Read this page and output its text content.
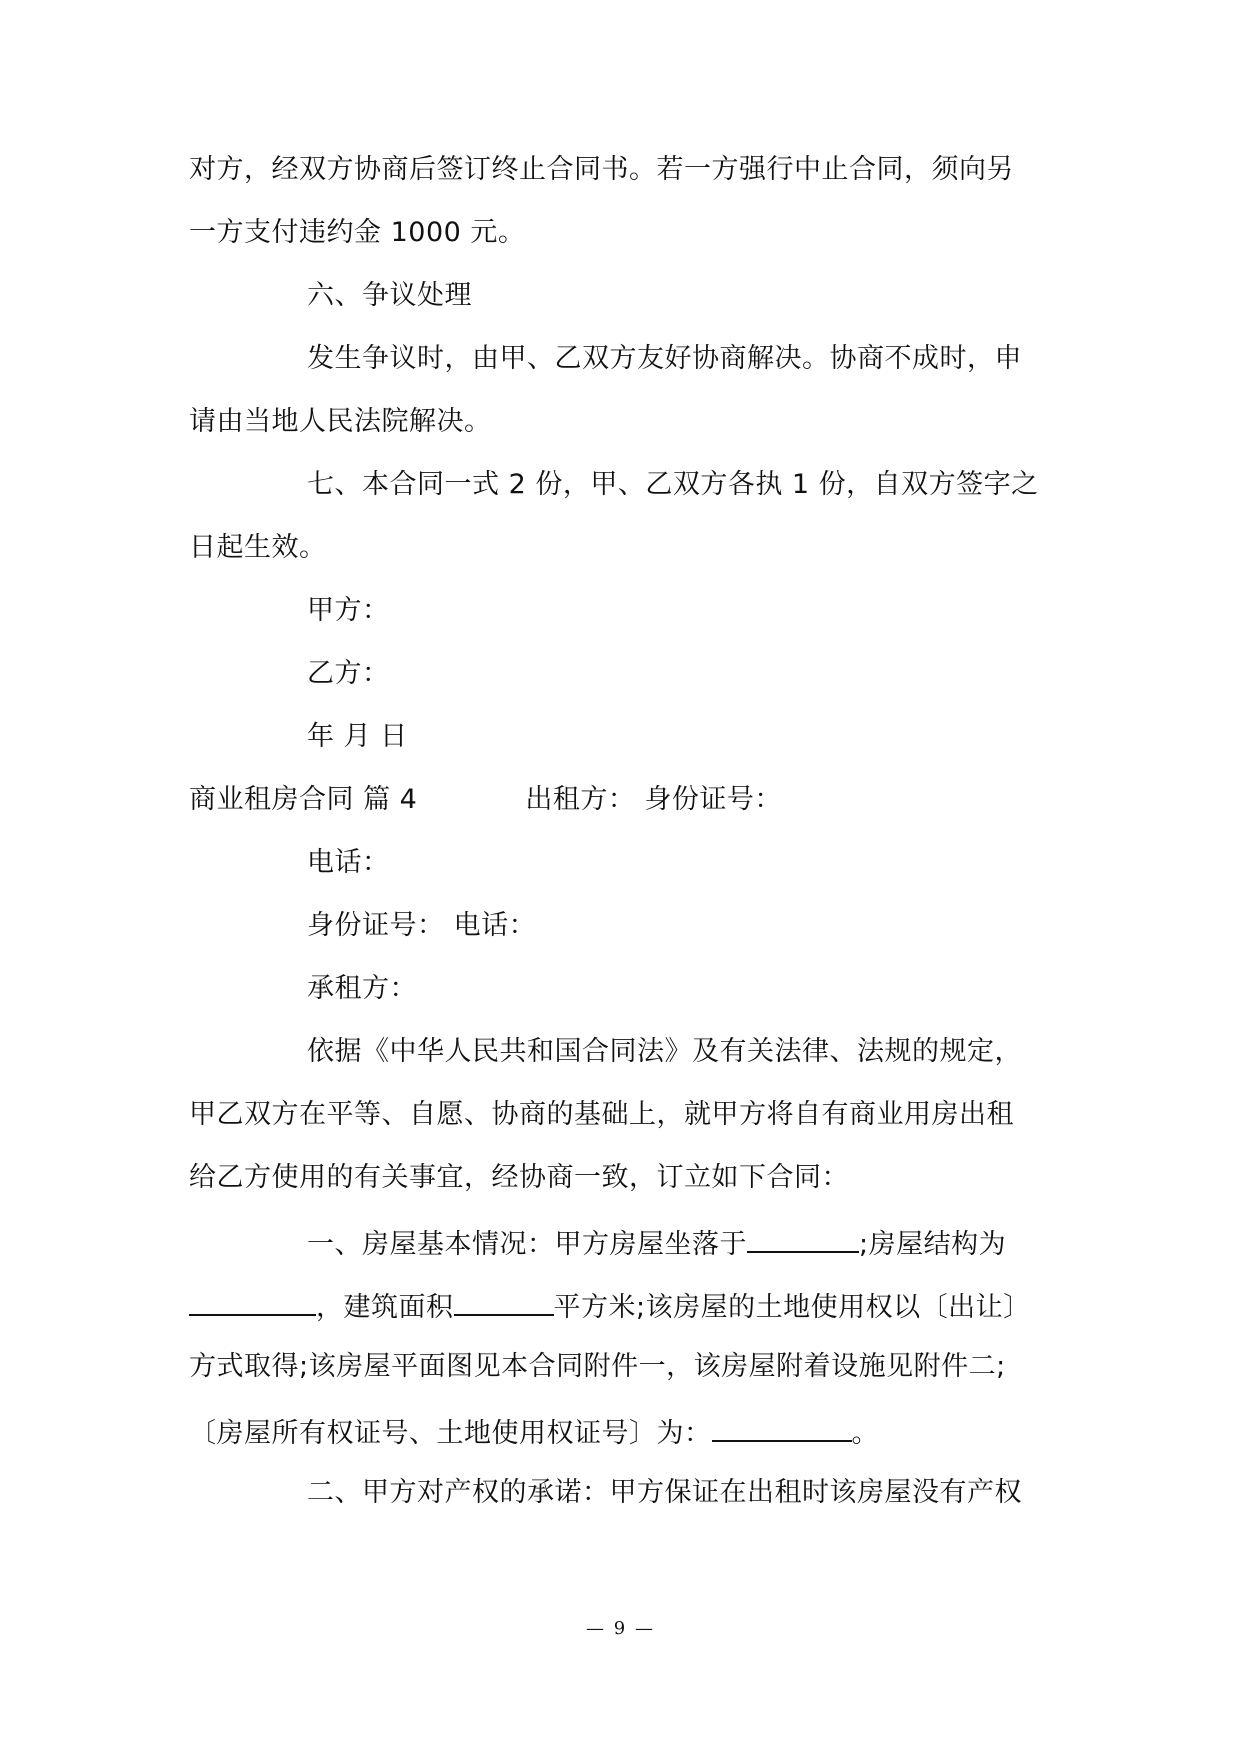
对方，经双方协商后签订终止合同书。若一方强行中止合同，须向另
一方支付违约金 1000 元。
六、争议处理
发生争议时，由甲、乙双方友好协商解决。协商不成时，申
请由当地人民法院解决。
七、本合同一式 2 份，甲、乙双方各执 1 份，自双方签字之
日起生效。
甲方：
乙方：
年 月 日
商业租房合同 篇 4	出租方： 身份证号：
电话：
身份证号： 电话：
承租方：
依据《中华人民共和国合同法》及有关法律、法规的规定，
甲乙双方在平等、自愿、协商的基础上，就甲方将自有商业用房出租
给乙方使用的有关事宜，经协商一致，订立如下合同：
一、房屋基本情况：甲方房屋坐落于	;房屋结构为
，建筑面积	平方米;该房屋的土地使用权以〔出让〕
方式取得;该房屋平面图见本合同附件一，该房屋附着设施见附件二;
〔房屋所有权证号、土地使用权证号〕为：	。
二、甲方对产权的承诺：甲方保证在出租时该房屋没有产权
— 9 —
